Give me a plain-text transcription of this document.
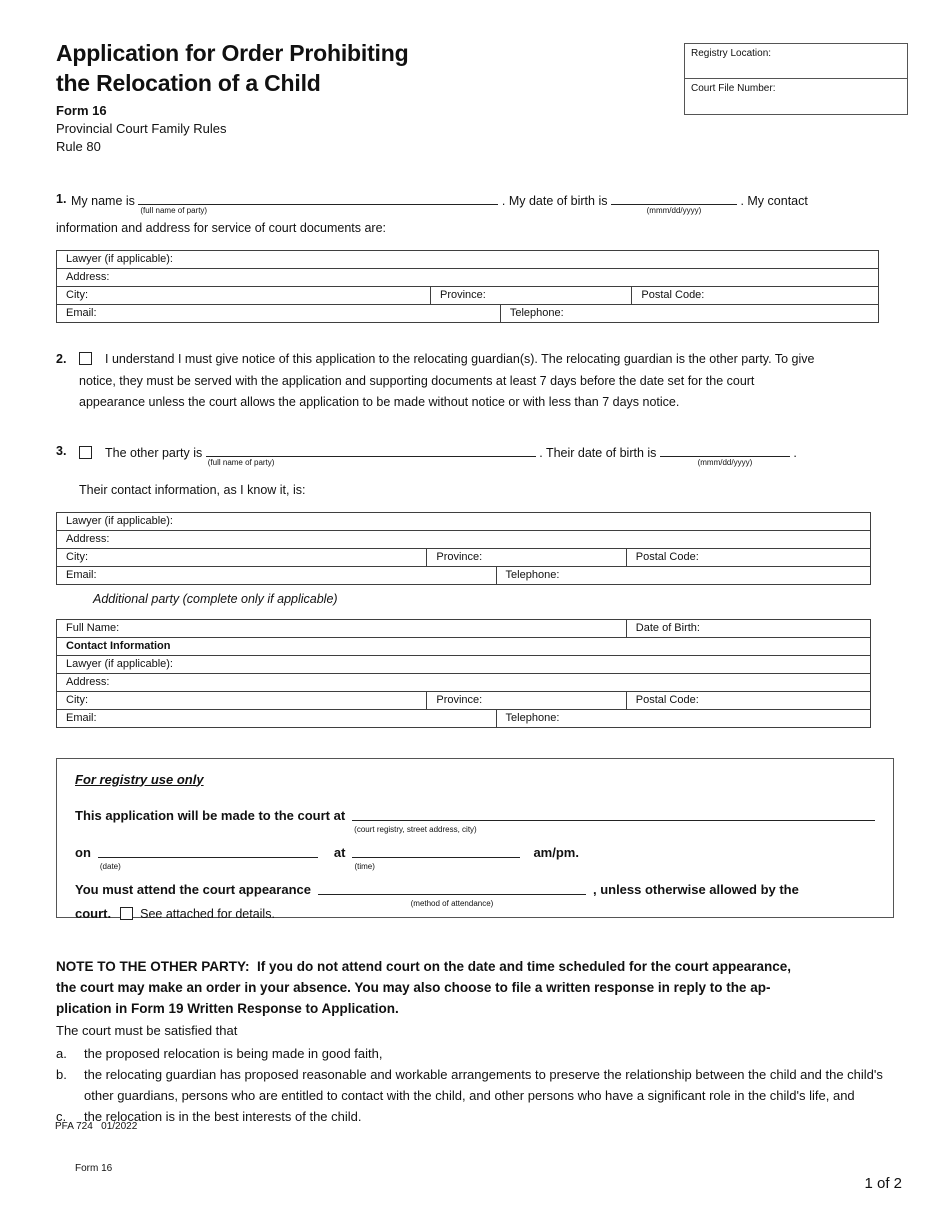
Registry Location:
Court File Number:
Application for Order Prohibiting
the Relocation of a Child
Form 16
Provincial Court Family Rules
Rule 80
1. My name is
(full name of party)
. My date of birth is
(mmm/dd/yyyy)
. My contact
information and address for service of court documents are:
Lawyer (if applicable):			
Address:			
City:	Province:		Postal Code:
Email:		Telephone:	
2.	I understand I must give notice of this application to the relocating guardian(s). The relocating guardian is the other party. To give
notice, they must be served with the application and supporting documents at least 7 days before the date set for the court
appearance unless the court allows the application to be made without notice or with less than 7 days notice.
3.	The other party is
(full name of party)
. Their date of birth is
(mmm/dd/yyyy)
.
Their contact information, as I know it, is:
Lawyer (if applicable):			
Address:			
City:	Province:		Postal Code:
Email:		Telephone:	
Additional party (complete only if applicable)
Full Name:			Date of Birth:
Contact Information			
Lawyer (if applicable):			
Address:			
City:	Province:		Postal Code:
Email:		Telephone:	
For registry use only
This application will be made to the court at
(court registry, street address, city)
on
(date)
at
(time)
am/pm.
You must attend the court appearance
(method of attendance)
, unless otherwise allowed by the
court. See attached for details.
NOTE TO THE OTHER PARTY:  If you do not attend court on the date and time scheduled for the court appearance,
the court may make an order in your absence. You may also choose to file a written response in reply to the ap-
plication in Form 19 Written Response to Application.
The court must be satisfied that
a. the proposed relocation is being made in good faith,
b. the relocating guardian has proposed reasonable and workable arrangements to preserve the relationship between the child and the child's other guardians, persons who are entitled to contact with the child, and other persons who have a significant role in the child's life, and
c. the relocation is in the best interests of the child.

PFA 724   01/2022

Form 16

1 of 2
